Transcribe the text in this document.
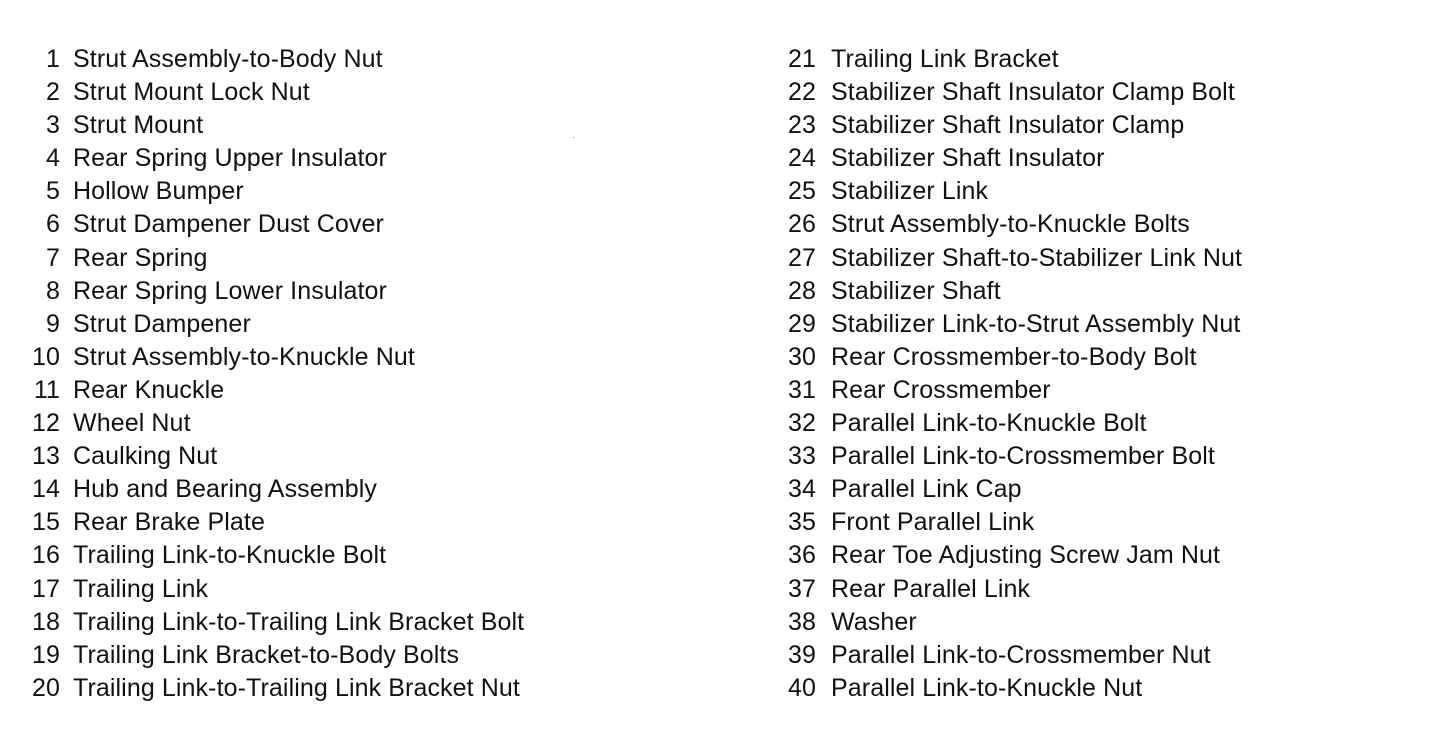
1 Strut Assembly-to-Body Nut
2 Strut Mount Lock Nut
3 Strut Mount
4 Rear Spring Upper Insulator
5 Hollow Bumper
6 Strut Dampener Dust Cover
7 Rear Spring
8 Rear Spring Lower Insulator
9 Strut Dampener
10 Strut Assembly-to-Knuckle Nut
11 Rear Knuckle
12 Wheel Nut
13 Caulking Nut
14 Hub and Bearing Assembly
15 Rear Brake Plate
16 Trailing Link-to-Knuckle Bolt
17 Trailing Link
18 Trailing Link-to-Trailing Link Bracket Bolt
19 Trailing Link Bracket-to-Body Bolts
20 Trailing Link-to-Trailing Link Bracket Nut
21 Trailing Link Bracket
22 Stabilizer Shaft Insulator Clamp Bolt
23 Stabilizer Shaft Insulator Clamp
24 Stabilizer Shaft Insulator
25 Stabilizer Link
26 Strut Assembly-to-Knuckle Bolts
27 Stabilizer Shaft-to-Stabilizer Link Nut
28 Stabilizer Shaft
29 Stabilizer Link-to-Strut Assembly Nut
30 Rear Crossmember-to-Body Bolt
31 Rear Crossmember
32 Parallel Link-to-Knuckle Bolt
33 Parallel Link-to-Crossmember Bolt
34 Parallel Link Cap
35 Front Parallel Link
36 Rear Toe Adjusting Screw Jam Nut
37 Rear Parallel Link
38 Washer
39 Parallel Link-to-Crossmember Nut
40 Parallel Link-to-Knuckle Nut
